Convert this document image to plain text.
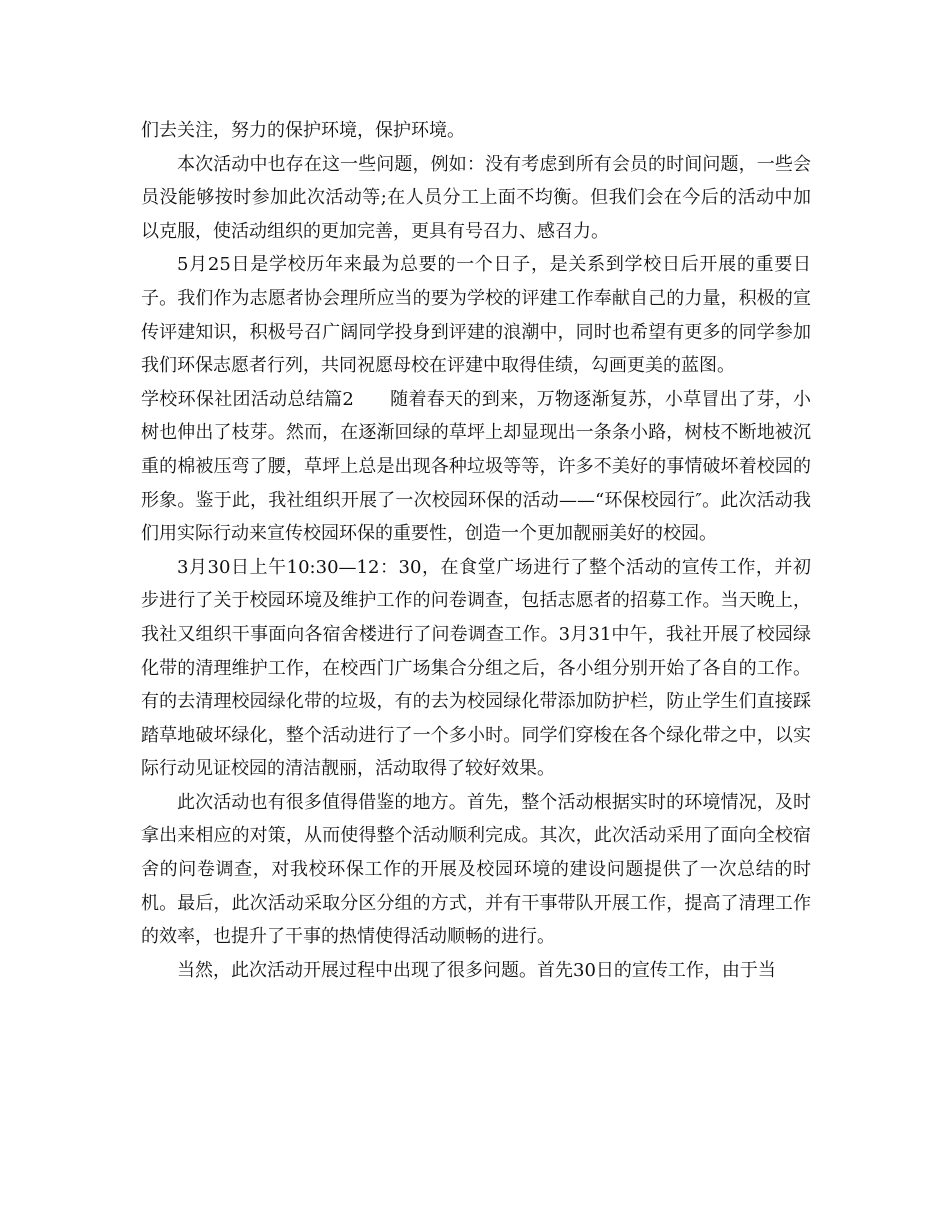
们去关注，努力的保护环境，保护环境。

本次活动中也存在这一些问题，例如：没有考虑到所有会员的时间问题，一些会员没能够按时参加此次活动等;在人员分工上面不均衡。但我们会在今后的活动中加以克服，使活动组织的更加完善，更具有号召力、感召力。

5月25日是学校历年来最为总要的一个日子，是关系到学校日后开展的重要日子。我们作为志愿者协会理所应当的要为学校的评建工作奉献自己的力量，积极的宣传评建知识，积极号召广阔同学投身到评建的浪潮中，同时也希望有更多的同学参加我们环保志愿者行列，共同祝愿母校在评建中取得佳绩，勾画更美的蓝图。

学校环保社团活动总结篇2 随着春天的到来，万物逐渐复苏，小草冒出了芽，小树也伸出了枝芽。然而，在逐渐回绿的草坪上却显现出一条条小路，树枝不断地被沉重的棉被压弯了腰，草坪上总是出现各种垃圾等等，许多不美好的事情破坏着校园的形象。鉴于此，我社组织开展了一次校园环保的活动——“环保校园行″。此次活动我们用实际行动来宣传校园环保的重要性，创造一个更加靓丽美好的校园。

3月30日上午10:30—12：30，在食堂广场进行了整个活动的宣传工作，并初步进行了关于校园环境及维护工作的问卷调查，包括志愿者的招募工作。当天晚上，我社又组织干事面向各宿舍楼进行了问卷调查工作。3月31中午，我社开展了校园绿化带的清理维护工作，在校西门广场集合分组之后，各小组分别开始了各自的工作。有的去清理校园绿化带的垃圾，有的去为校园绿化带添加防护栏，防止学生们直接踩踏草地破坏绿化，整个活动进行了一个多小时。同学们穿梭在各个绿化带之中，以实际行动见证校园的清洁靓丽，活动取得了较好效果。

此次活动也有很多值得借鉴的地方。首先，整个活动根据实时的环境情况，及时拿出来相应的对策，从而使得整个活动顺利完成。其次，此次活动采用了面向全校宿舍的问卷调查，对我校环保工作的开展及校园环境的建设问题提供了一次总结的时机。最后，此次活动采取分区分组的方式，并有干事带队开展工作，提高了清理工作的效率，也提升了干事的热情使得活动顺畅的进行。

当然，此次活动开展过程中出现了很多问题。首先30日的宣传工作，由于当
